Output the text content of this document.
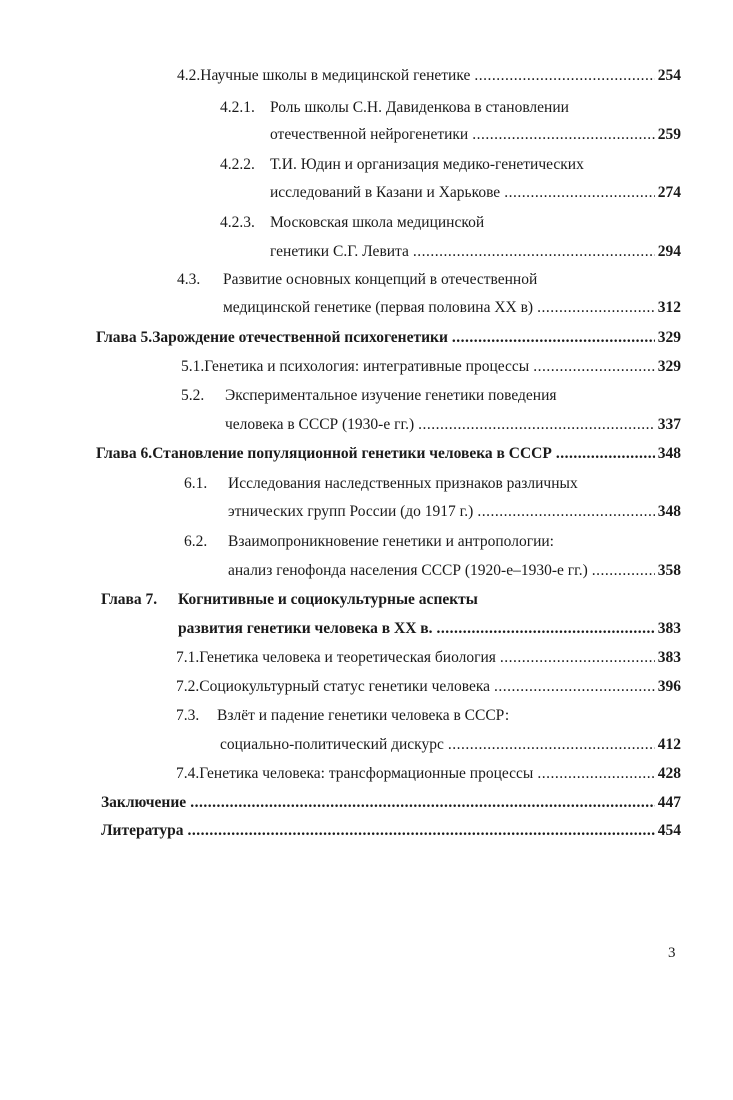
4.2. Научные школы в медицинской генетике .....	254
4.2.1. Роль школы С.Н. Давиденкова в становлении
отечественной нейрогенетики .....	259
4.2.2. Т.И. Юдин и организация медико-генетических
исследований в Казани и Харькове .....	274
4.2.3. Московская школа медицинской
генетики С.Г. Левита .....	294
4.3.	Развитие основных концепций в отечественной
медицинской генетике (первая половина XX в) .....	312
Глава 5. Зарождение отечественной психогенетики .....	329
5.1. Генетика и психология: интегративные процессы .....	329
5.2.	Экспериментальное изучение генетики поведения
человека в СССР (1930-е гг.) .....	337
Глава 6. Становление популяционной генетики человека в СССР .....	348
6.1.	Исследования наследственных признаков различных
этнических групп России (до 1917 г.) .....	348
6.2.	Взаимопроникновение генетики и антропологии:
анализ генофонда населения СССР (1920-е–1930-е гг.) .....	358
Глава 7.	Когнитивные и социокультурные аспекты
развития генетики человека в XX в. .....	383
7.1. Генетика человека и теоретическая биология .....	383
7.2. Социокультурный статус генетики человека .....	396
7.3.	Взлёт и падение генетики человека в СССР:
социально-политический дискурс .....	412
7.4. Генетика человека: трансформационные процессы .....	428
Заключение .....	447
Литература .....	454
3
